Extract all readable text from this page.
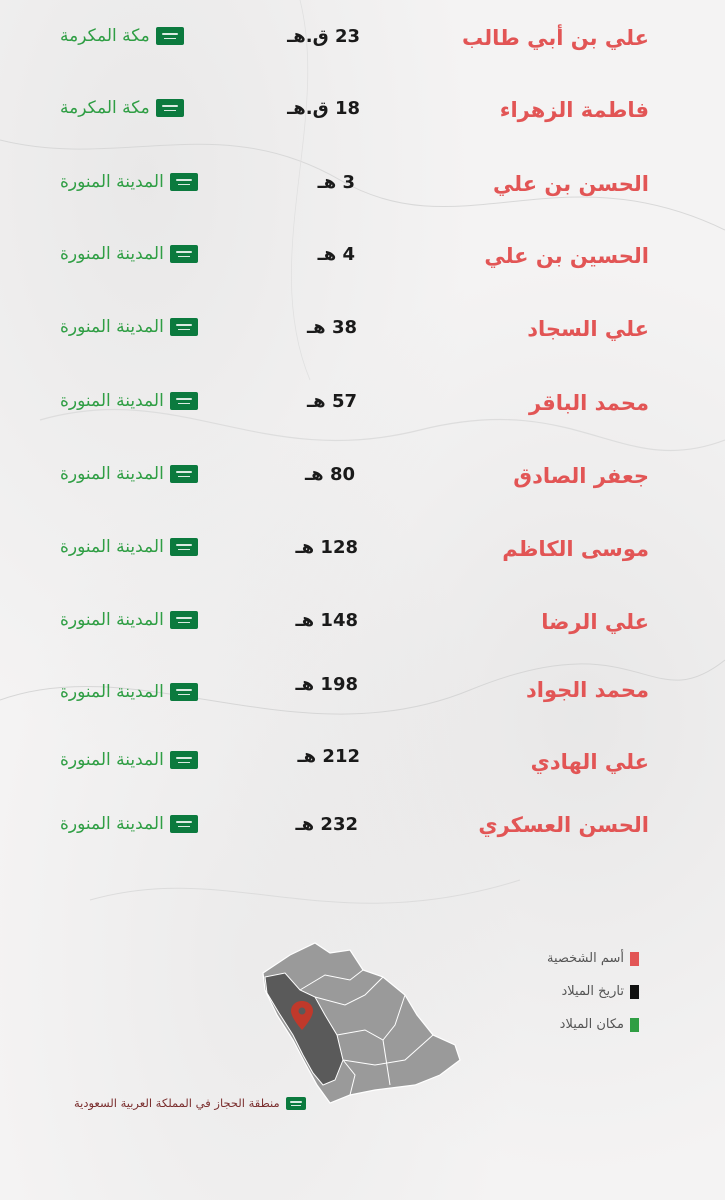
علي بن أبي طالب
23 ق.هـ
مكة المكرمة
فاطمة الزهراء
18 ق.هـ
مكة المكرمة
الحسن بن علي
3 هـ
المدينة المنورة
الحسين بن علي
4 هـ
المدينة المنورة
علي السجاد
38 هـ
المدينة المنورة
محمد الباقر
57 هـ
المدينة المنورة
جعفر الصادق
80 هـ
المدينة المنورة
موسى الكاظم
128 هـ
المدينة المنورة
علي الرضا
148 هـ
المدينة المنورة
محمد الجواد
198 هـ
المدينة المنورة
علي الهادي
212 هـ
المدينة المنورة
الحسن العسكري
232 هـ
المدينة المنورة
أسم الشخصية
تاريخ الميلاد
مكان الميلاد
منطقة الحجاز في المملكة العربية السعودية
